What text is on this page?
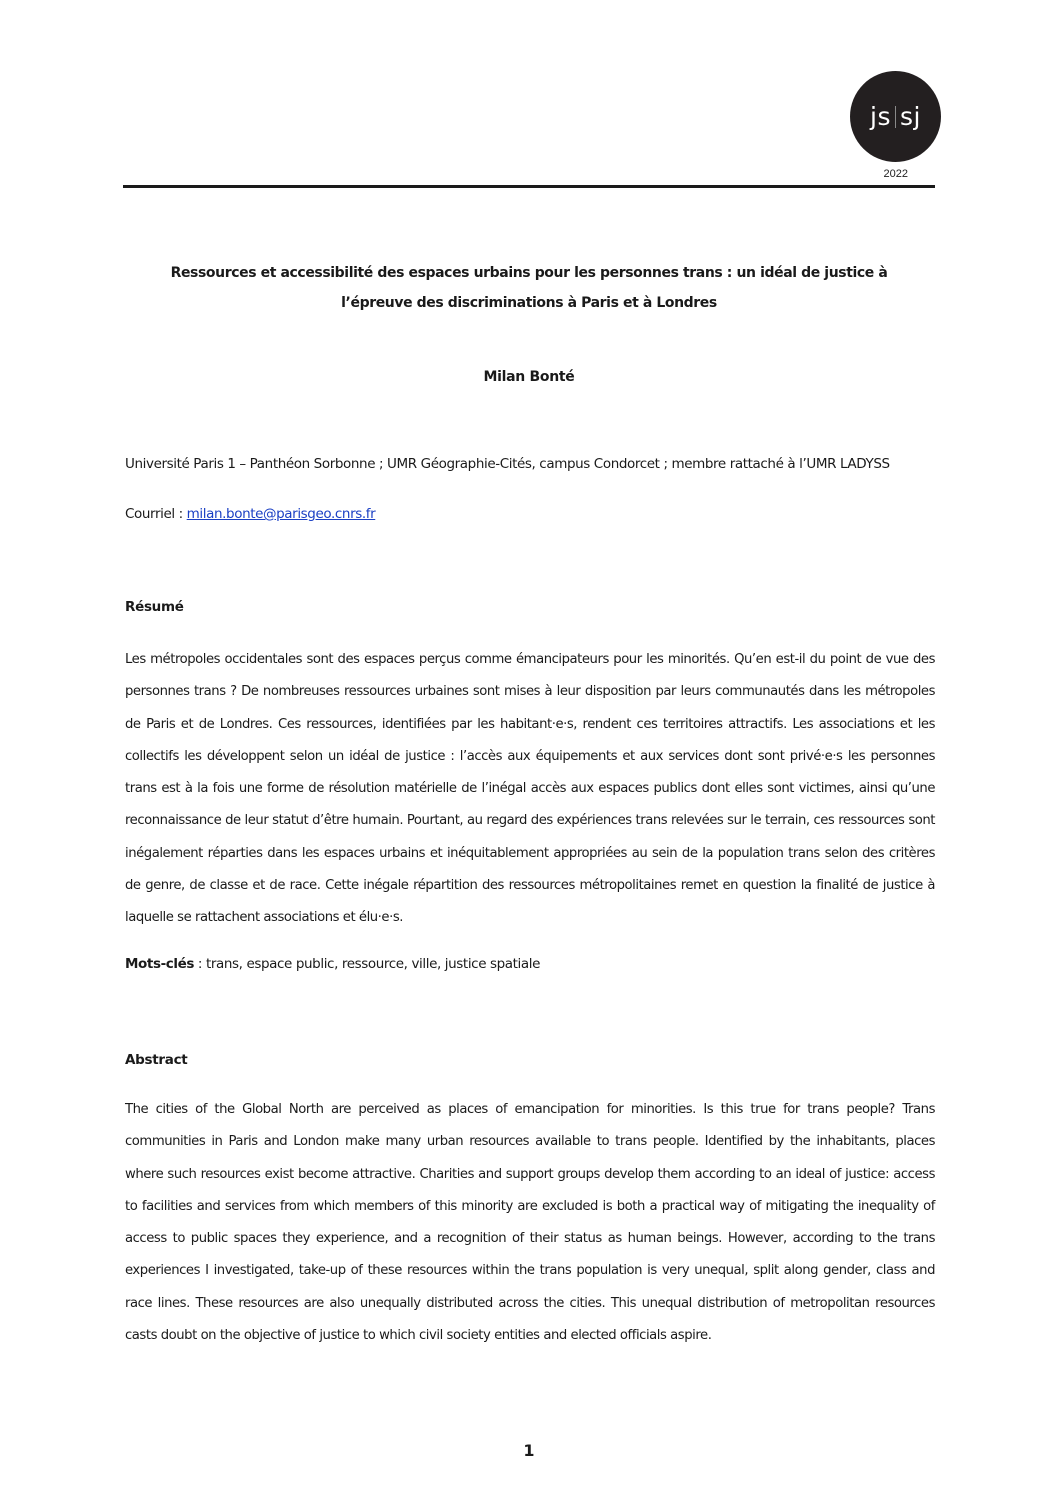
js sj
2022
Ressources et accessibilité des espaces urbains pour les personnes trans : un idéal de justice à l’épreuve des discriminations à Paris et à Londres
Milan Bonté
Université Paris 1 – Panthéon Sorbonne ; UMR Géographie-Cités, campus Condorcet ; membre rattaché à l’UMR LADYSS
Courriel : milan.bonte@parisgeo.cnrs.fr
Résumé
Les métropoles occidentales sont des espaces perçus comme émancipateurs pour les minorités. Qu’en est-il du point de vue des personnes trans ? De nombreuses ressources urbaines sont mises à leur disposition par leurs communautés dans les métropoles de Paris et de Londres. Ces ressources, identifiées par les habitant·e·s, rendent ces territoires attractifs. Les associations et les collectifs les développent selon un idéal de justice : l’accès aux équipements et aux services dont sont privé·e·s les personnes trans est à la fois une forme de résolution matérielle de l’inégal accès aux espaces publics dont elles sont victimes, ainsi qu’une reconnaissance de leur statut d’être humain. Pourtant, au regard des expériences trans relevées sur le terrain, ces ressources sont inégalement réparties dans les espaces urbains et inéquitablement appropriées au sein de la population trans selon des critères de genre, de classe et de race. Cette inégale répartition des ressources métropolitaines remet en question la finalité de justice à laquelle se rattachent associations et élu·e·s.
Mots-clés : trans, espace public, ressource, ville, justice spatiale
Abstract
The cities of the Global North are perceived as places of emancipation for minorities. Is this true for trans people? Trans communities in Paris and London make many urban resources available to trans people. Identified by the inhabitants, places where such resources exist become attractive. Charities and support groups develop them according to an ideal of justice: access to facilities and services from which members of this minority are excluded is both a practical way of mitigating the inequality of access to public spaces they experience, and a recognition of their status as human beings. However, according to the trans experiences I investigated, take-up of these resources within the trans population is very unequal, split along gender, class and race lines. These resources are also unequally distributed across the cities. This unequal distribution of metropolitan resources casts doubt on the objective of justice to which civil society entities and elected officials aspire.
1
